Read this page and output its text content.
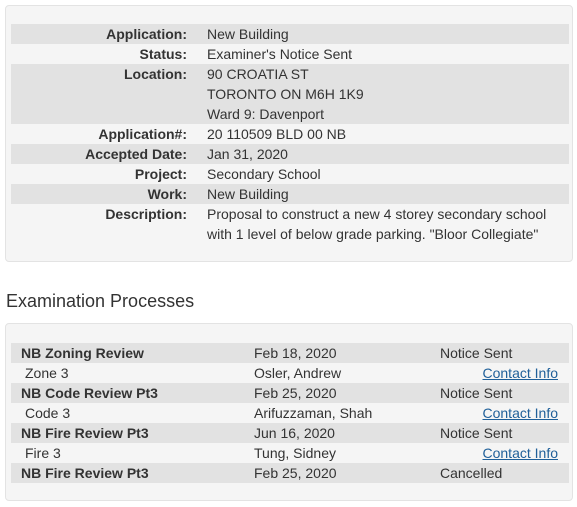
Application:	New Building
Status:	Examiner's Notice Sent
Location:	90 CROATIA ST
TORONTO ON M6H 1K9
Ward 9: Davenport

Application#:	20 110509 BLD 00 NB
Accepted Date:	Jan 31, 2020
Project:	Secondary School
Work:	New Building
Description:	Proposal to construct a new 4 storey secondary school
with 1 level of below grade parking. "Bloor Collegiate"
Examination Processes
NB Zoning Review	Feb 18, 2020	Notice Sent
Zone 3	Osler, Andrew	Contact Info
NB Code Review Pt3	Feb 25, 2020	Notice Sent
Code 3	Arifuzzaman, Shah	Contact Info
NB Fire Review Pt3	Jun 16, 2020	Notice Sent
Fire 3	Tung, Sidney	Contact Info
NB Fire Review Pt3	Feb 25, 2020	Cancelled
